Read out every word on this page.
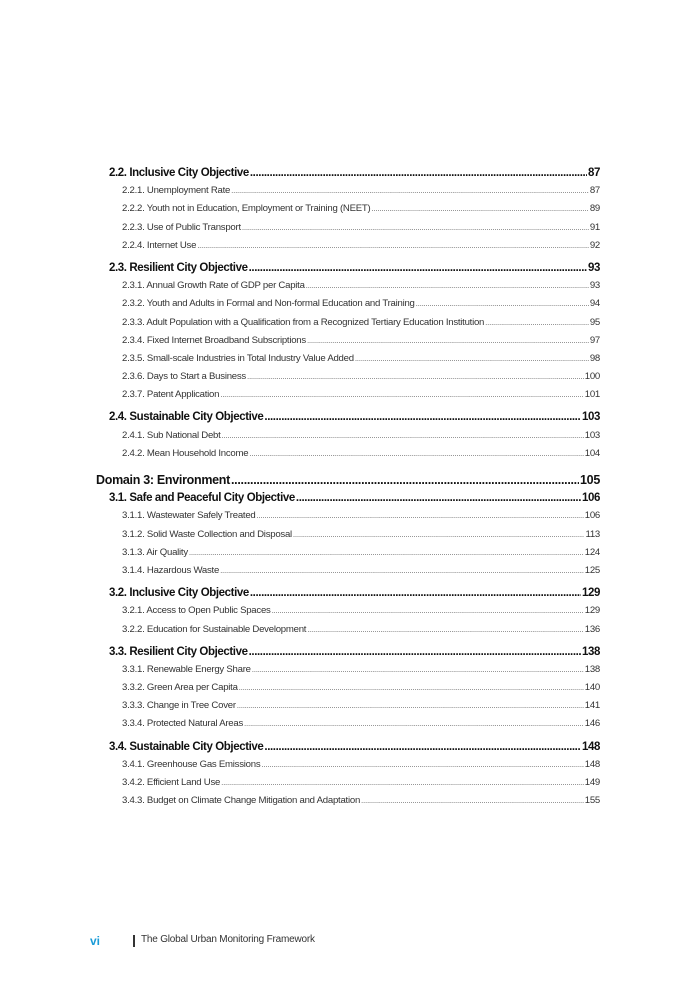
2.2. Inclusive City Objective .....	87
2.2.1. Unemployment Rate .....	87
2.2.2. Youth not in Education, Employment or Training (NEET) .....	89
2.2.3. Use of Public Transport .....	91
2.2.4. Internet Use .....	92
2.3. Resilient City Objective .....	93
2.3.1. Annual Growth Rate of GDP per Capita .....	93
2.3.2. Youth and Adults in Formal and Non-formal Education and Training .....	94
2.3.3. Adult Population with a Qualification from a Recognized Tertiary Education Institution .....	95
2.3.4. Fixed Internet Broadband Subscriptions .....	97
2.3.5. Small-scale Industries in Total Industry Value Added .....	98
2.3.6. Days to Start a Business .....	100
2.3.7. Patent Application .....	101
2.4. Sustainable City Objective .....	103
2.4.1. Sub National Debt .....	103
2.4.2. Mean Household Income .....	104
Domain 3: Environment .....	105
3.1. Safe and Peaceful City Objective .....	106
3.1.1. Wastewater Safely Treated .....	106
3.1.2. Solid Waste Collection and Disposal .....	113
3.1.3. Air Quality .....	124
3.1.4. Hazardous Waste .....	125
3.2. Inclusive City Objective .....	129
3.2.1. Access to Open Public Spaces .....	129
3.2.2. Education for Sustainable Development .....	136
3.3. Resilient City Objective .....	138
3.3.1. Renewable Energy Share .....	138
3.3.2. Green Area per Capita .....	140
3.3.3. Change in Tree Cover .....	141
3.3.4. Protected Natural Areas .....	146
3.4. Sustainable City Objective .....	148
3.4.1. Greenhouse Gas Emissions .....	148
3.4.2. Efficient Land Use .....	149
3.4.3. Budget on Climate Change Mitigation and Adaptation .....	155
vi	The Global Urban Monitoring Framework
